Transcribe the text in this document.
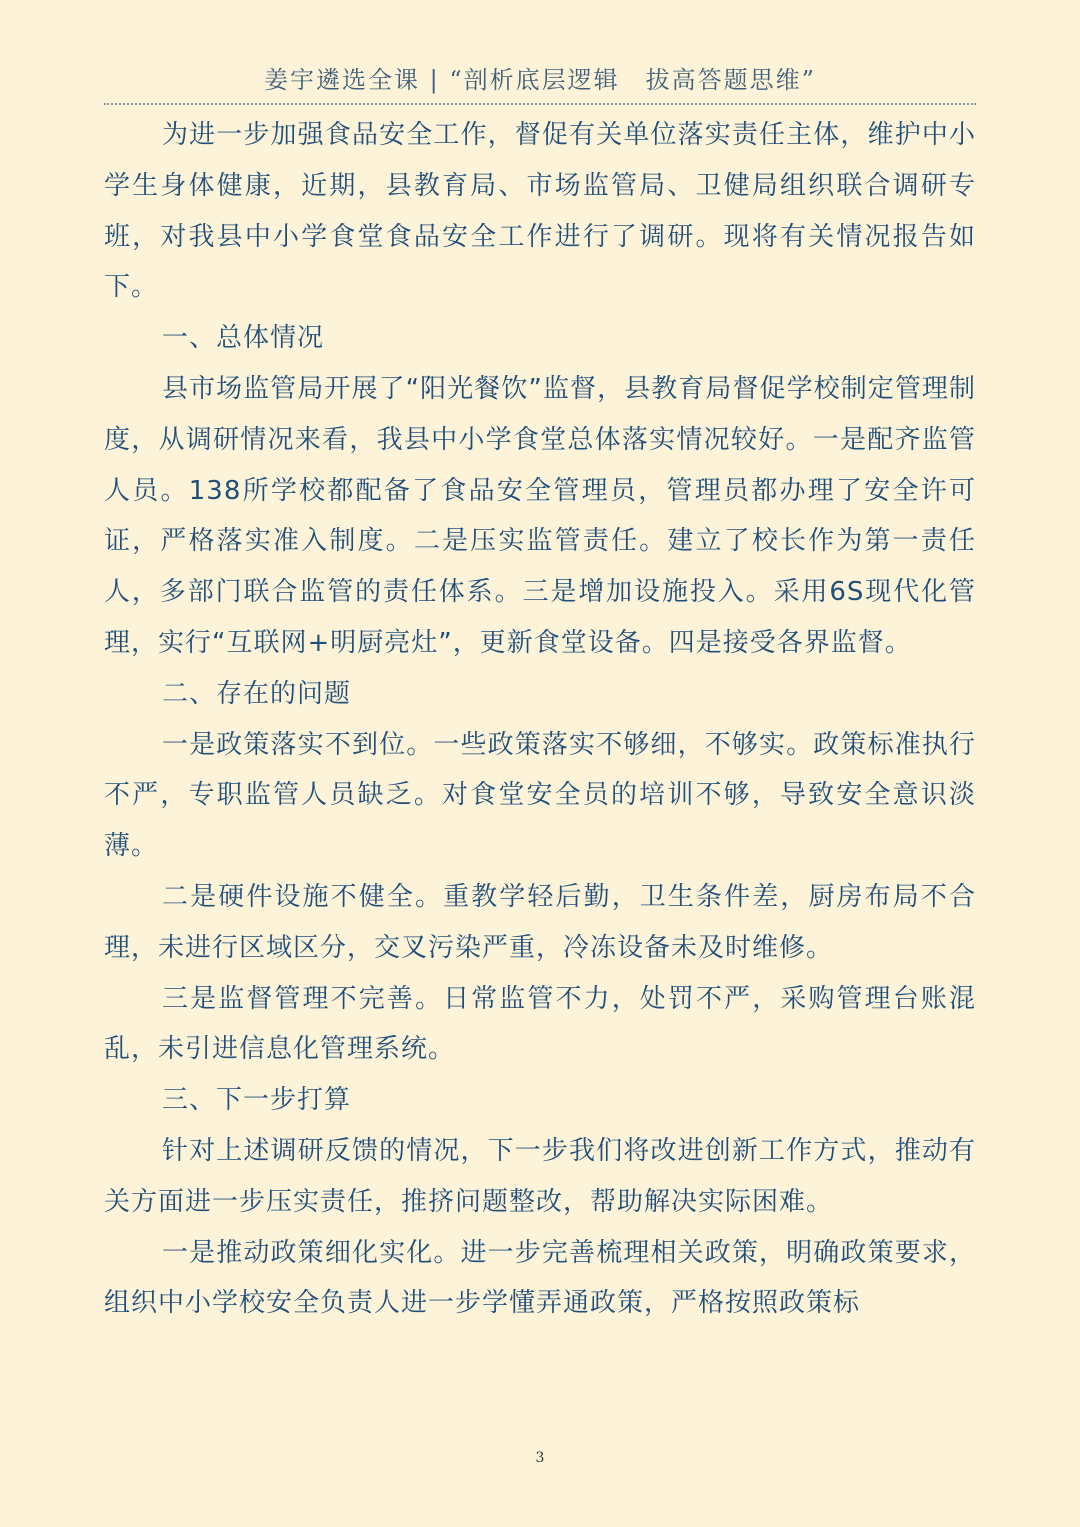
姜宇遴选全课 | “剖析底层逻辑　拔高答题思维”

为进一步加强食品安全工作，督促有关单位落实责任主体，维护中小学生身体健康，近期，县教育局、市场监管局、卫健局组织联合调研专班，对我县中小学食堂食品安全工作进行了调研。现将有关情况报告如下。

一、总体情况

县市场监管局开展了“阳光餐饮”监督，县教育局督促学校制定管理制度，从调研情况来看，我县中小学食堂总体落实情况较好。一是配齐监管人员。138所学校都配备了食品安全管理员，管理员都办理了安全许可证，严格落实准入制度。二是压实监管责任。建立了校长作为第一责任人，多部门联合监管的责任体系。三是增加设施投入。采用6S现代化管理，实行“互联网+明厨亮灶”，更新食堂设备。四是接受各界监督。

二、存在的问题

一是政策落实不到位。一些政策落实不够细，不够实。政策标准执行不严，专职监管人员缺乏。对食堂安全员的培训不够，导致安全意识淡薄。

二是硬件设施不健全。重教学轻后勤，卫生条件差，厨房布局不合理，未进行区域区分，交叉污染严重，冷冻设备未及时维修。

三是监督管理不完善。日常监管不力，处罚不严，采购管理台账混乱，未引进信息化管理系统。

三、下一步打算

针对上述调研反馈的情况，下一步我们将改进创新工作方式，推动有关方面进一步压实责任，推挤问题整改，帮助解决实际困难。

一是推动政策细化实化。进一步完善梳理相关政策，明确政策要求，组织中小学校安全负责人进一步学懂弄通政策，严格按照政策标

3
